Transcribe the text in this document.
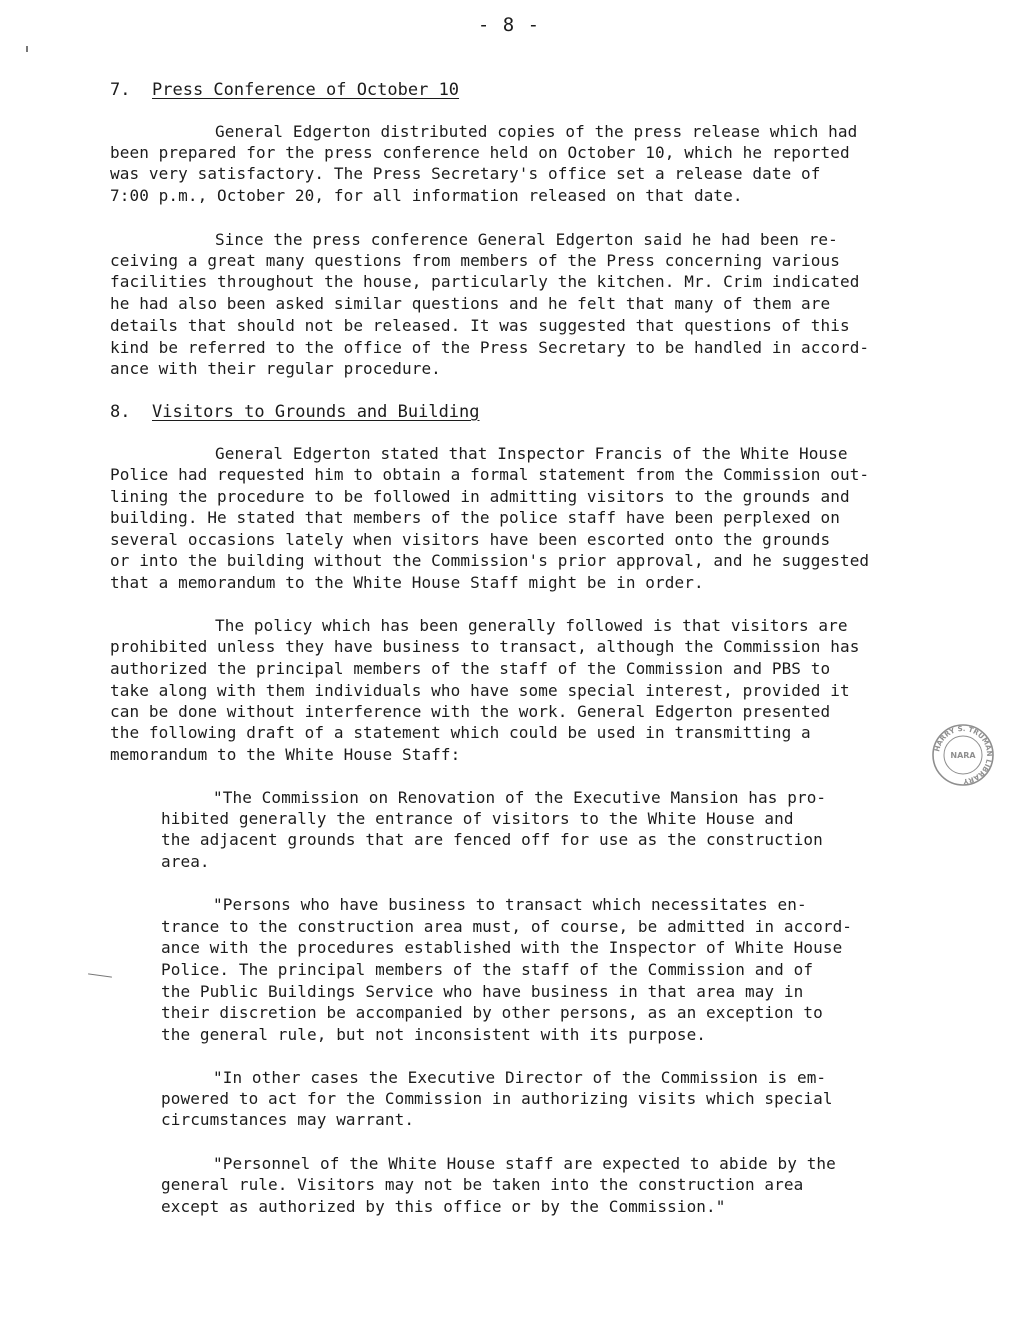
- 8 -
7. Press Conference of October 10
General Edgerton distributed copies of the press release which had
been prepared for the press conference held on October 10, which he reported
was very satisfactory. The Press Secretary's office set a release date of
7:00 p.m., October 20, for all information released on that date.
Since the press conference General Edgerton said he had been re-
ceiving a great many questions from members of the Press concerning various
facilities throughout the house, particularly the kitchen. Mr. Crim indicated
he had also been asked similar questions and he felt that many of them are
details that should not be released. It was suggested that questions of this
kind be referred to the office of the Press Secretary to be handled in accord-
ance with their regular procedure.
8. Visitors to Grounds and Building
General Edgerton stated that Inspector Francis of the White House
Police had requested him to obtain a formal statement from the Commission out-
lining the procedure to be followed in admitting visitors to the grounds and
building. He stated that members of the police staff have been perplexed on
several occasions lately when visitors have been escorted onto the grounds
or into the building without the Commission's prior approval, and he suggested
that a memorandum to the White House Staff might be in order.
The policy which has been generally followed is that visitors are
prohibited unless they have business to transact, although the Commission has
authorized the principal members of the staff of the Commission and PBS to
take along with them individuals who have some special interest, provided it
can be done without interference with the work. General Edgerton presented
the following draft of a statement which could be used in transmitting a
memorandum to the White House Staff:
"The Commission on Renovation of the Executive Mansion has pro-
hibited generally the entrance of visitors to the White House and
the adjacent grounds that are fenced off for use as the construction
area.
"Persons who have business to transact which necessitates en-
trance to the construction area must, of course, be admitted in accord-
ance with the procedures established with the Inspector of White House
Police. The principal members of the staff of the Commission and of
the Public Buildings Service who have business in that area may in
their discretion be accompanied by other persons, as an exception to
the general rule, but not inconsistent with its purpose.
"In other cases the Executive Director of the Commission is em-
powered to act for the Commission in authorizing visits which special
circumstances may warrant.
"Personnel of the White House staff are expected to abide by the
general rule. Visitors may not be taken into the construction area
except as authorized by this office or by the Commission."
HARRY S. TRUMAN LIBRARY
NARA
